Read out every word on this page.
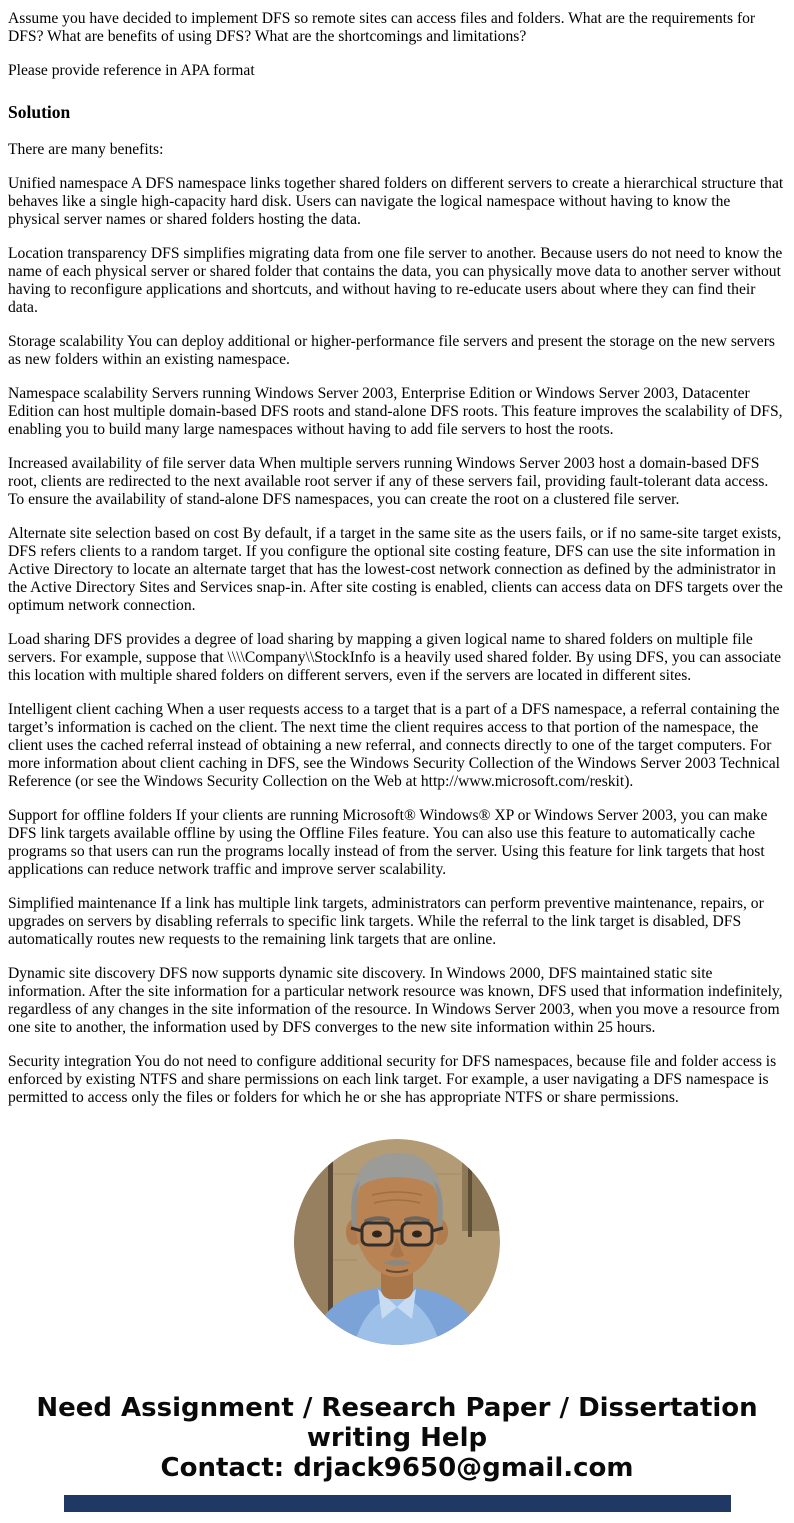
Assume you have decided to implement DFS so remote sites can access files and folders. What are the requirements for DFS? What are benefits of using DFS? What are the shortcomings and limitations?

Please provide reference in APA format

Solution

There are many benefits:

Unified namespace A DFS namespace links together shared folders on different servers to create a hierarchical structure that behaves like a single high-capacity hard disk. Users can navigate the logical namespace without having to know the physical server names or shared folders hosting the data.

Location transparency DFS simplifies migrating data from one file server to another. Because users do not need to know the name of each physical server or shared folder that contains the data, you can physically move data to another server without having to reconfigure applications and shortcuts, and without having to re-educate users about where they can find their data.

Storage scalability You can deploy additional or higher-performance file servers and present the storage on the new servers as new folders within an existing namespace.

Namespace scalability Servers running Windows Server 2003, Enterprise Edition or Windows Server 2003, Datacenter Edition can host multiple domain-based DFS roots and stand-alone DFS roots. This feature improves the scalability of DFS, enabling you to build many large namespaces without having to add file servers to host the roots.

Increased availability of file server data When multiple servers running Windows Server 2003 host a domain-based DFS root, clients are redirected to the next available root server if any of these servers fail, providing fault-tolerant data access. To ensure the availability of stand-alone DFS namespaces, you can create the root on a clustered file server.

Alternate site selection based on cost By default, if a target in the same site as the users fails, or if no same-site target exists, DFS refers clients to a random target. If you configure the optional site costing feature, DFS can use the site information in Active Directory to locate an alternate target that has the lowest-cost network connection as defined by the administrator in the Active Directory Sites and Services snap-in. After site costing is enabled, clients can access data on DFS targets over the optimum network connection.

Load sharing DFS provides a degree of load sharing by mapping a given logical name to shared folders on multiple file servers. For example, suppose that \\\\Company\\StockInfo is a heavily used shared folder. By using DFS, you can associate this location with multiple shared folders on different servers, even if the servers are located in different sites.

Intelligent client caching When a user requests access to a target that is a part of a DFS namespace, a referral containing the target’s information is cached on the client. The next time the client requires access to that portion of the namespace, the client uses the cached referral instead of obtaining a new referral, and connects directly to one of the target computers. For more information about client caching in DFS, see the Windows Security Collection of the Windows Server 2003 Technical Reference (or see the Windows Security Collection on the Web at http://www.microsoft.com/reskit).

Support for offline folders If your clients are running Microsoft® Windows® XP or Windows Server 2003, you can make DFS link targets available offline by using the Offline Files feature. You can also use this feature to automatically cache programs so that users can run the programs locally instead of from the server. Using this feature for link targets that host applications can reduce network traffic and improve server scalability.

Simplified maintenance If a link has multiple link targets, administrators can perform preventive maintenance, repairs, or upgrades on servers by disabling referrals to specific link targets. While the referral to the link target is disabled, DFS automatically routes new requests to the remaining link targets that are online.

Dynamic site discovery DFS now supports dynamic site discovery. In Windows 2000, DFS maintained static site information. After the site information for a particular network resource was known, DFS used that information indefinitely, regardless of any changes in the site information of the resource. In Windows Server 2003, when you move a resource from one site to another, the information used by DFS converges to the new site information within 25 hours.

Security integration You do not need to configure additional security for DFS namespaces, because file and folder access is enforced by existing NTFS and share permissions on each link target. For example, a user navigating a DFS namespace is permitted to access only the files or folders for which he or she has appropriate NTFS or share permissions.

Need Assignment / Research Paper / Dissertation writing Help
Contact: drjack9650@gmail.com
